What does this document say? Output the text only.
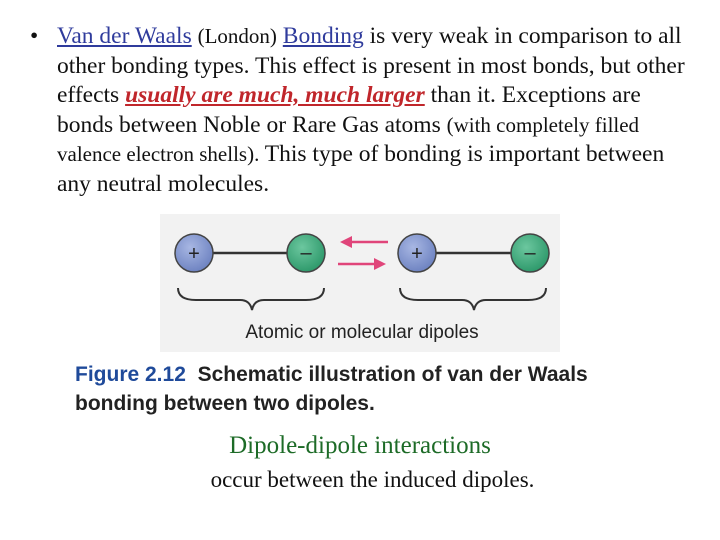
• Van der Waals (London) Bonding is very weak in comparison to all other bonding types. This effect is present in most bonds, but other effects usually are much, much larger than it. Exceptions are bonds between Noble or Rare Gas atoms (with completely filled valence electron shells). This type of bonding is important between any neutral molecules.
+	–	+	–
Atomic or molecular dipoles
Figure 2.12 Schematic illustration of van der Waals bonding between two dipoles.
Dipole-dipole interactions
occur between the induced dipoles.
